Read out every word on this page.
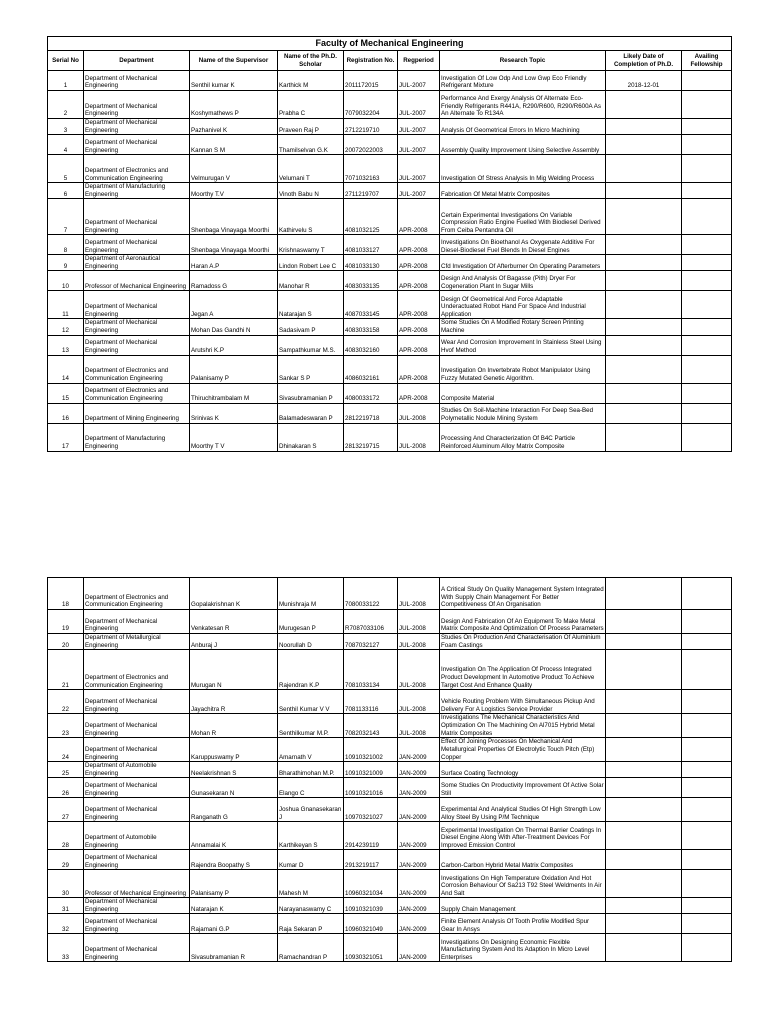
Faculty of Mechanical Engineering								
Serial No	Department	Name of the Supervisor	Name of the Ph.D. Scholar	Registration No.	Regperiod	Research Topic	Likely Date of Completion of Ph.D.	Availing Fellowship
1	Department of Mechanical Engineering	Senthil kumar K	Karthick M	2011172015	JUL-2007	Investigation Of Low Odp And Low Gwp Eco Friendly Refrigerant Mixture	2018-12-01	
2	Department of Mechanical Engineering	Koshymathews P	Prabha C	7079032204	JUL-2007	Performance And Exergy Analysis Of Alternate Eco-Friendly Refrigerants R441A, R290/R600, R290/R600A As An Alternate To R134A		
3	Department of Mechanical Engineering	Pazhanivel K	Praveen Raj P	2712219710	JUL-2007	Analysis Of Geometrical Errors In Micro Machining		
4	Department of Mechanical Engineering	Kannan S M	Thamilselvan G.K	20072022003	JUL-2007	Assembly Quality Improvement Using Selective Assembly		
5	Department of Electronics and Communication Engineering	Velmurugan V	Velumani T	7071032163	JUL-2007	Investigation Of Stress Analysis In Mig Welding Process		
6	Department of Manufacturing Engineering	Moorthy T.V	Vinoth Babu N	2711219707	JUL-2007	Fabrication Of Metal Matrix Composites		
7	Department of Mechanical Engineering	Shenbaga Vinayaga Moorthi	Kathirvelu S	4081032125	APR-2008	Certain Experimental Investigations On Variable Compression Ratio Engine Fuelled With Biodiesel Derived From Ceiba Pentandra Oil		
8	Department of Mechanical Engineering	Shenbaga Vinayaga Moorthi	Krishnaswamy T	4081033127	APR-2008	Investigations On Bioethanol As Oxygenate Additive For Diesel-Biodiesel Fuel Blends In Diesel Engines		
9	Department of Aeronautical Engineering	Haran A.P	Lindon Robert Lee C	4081033130	APR-2008	Cfd Investigation Of Afterburner On Operating Parameters		
10	Professor of Mechanical Engineering	Ramadoss G	Manohar R	4083033135	APR-2008	Design And Analysis Of Bagasse (Pith) Dryer For Cogeneration Plant In Sugar Mills		
11	Department of Mechanical Engineering	Jegan A	Natarajan S	4087033145	APR-2008	Design Of Geometrical And Force Adaptable Underactuated Robot Hand For Space And Industrial Application		
12	Department of Mechanical Engineering	Mohan Das Gandhi N	Sadasivam P	4083033158	APR-2008	Some Studies On A Modified Rotary Screen Printing Machine		
13	Department of Mechanical Engineering	Arutshri K.P	Sampathkumar M.S.	4083032160	APR-2008	Wear And Corrosion Improvement In Stainless Steel Using Hvof Method		
14	Department of Electronics and Communication Engineering	Palanisamy P	Sankar S P	4086032161	APR-2008	Investigation On Invertebrate Robot Manipulator Using Fuzzy Mutated Genetic Algorithm.		
15	Department of Electronics and Communication Engineering	Thiruchitrambalam M	Sivasubramanian P	4080033172	APR-2008	Composite Material		
16	Department of Mining Engineering	Srinivas K	Balamadeswaran P	2812219718	JUL-2008	Studies On Soil-Machine Interaction For Deep Sea-Bed Polymetallic Nodule Mining System		
17	Department of Manufacturing Engineering	Moorthy T V	Dhinakaran S	2813219715	JUL-2008	Processing And Characterization Of B4C Particle Reinforced Aluminum Alloy Matrix Composite		
18	Department of Electronics and Communication Engineering	Gopalakrishnan K	Munishraja M	7080033122	JUL-2008	A Critical Study On Quality Management System Integrated With Supply Chain Management For Better Competitiveness Of An Organisation		
19	Department of Mechanical Engineering	Venkatesan R	Murugesan P	R7087033106	JUL-2008	Design And Fabrication Of An Equipment To Make Metal Matrix Composite And Optimization Of Process Parameters		
20	Department of Metallurgical Engineering	Anburaj J	Noorullah D	7087032127	JUL-2008	Studies On Production And Characterisation Of Aluminium Foam Castings		
21	Department of Electronics and Communication Engineering	Murugan N	Rajendran K.P	7081033134	JUL-2008	Investigation On The Application Of Process Integrated Product Development In Automotive Product To Achieve Target Cost And Enhance Quality		
22	Department of Mechanical Engineering	Jayachitra R	Senthil Kumar V V	7081133116	JUL-2008	Vehicle Routing Problem With Simultaneous Pickup And Delivery For A Logistics Service Provider		
23	Department of Mechanical Engineering	Mohan R	Senthilkumar M.P.	7082032143	JUL-2008	Investigations The Mechanical Characteristics And Optimization On The Machining On Al7015 Hybrid Metal Matrix Composites		
24	Department of Mechanical Engineering	Karuppuswamy P	Amarnath V	10910321002	JAN-2009	Effect Of Joining Processes On Mechanical And Metallurgical Properties Of Electrolytic Touch Pitch (Etp) Copper		
25	Department of Automobile Engineering	Neelakrishnan S	Bharathimohan M.P.	10910321009	JAN-2009	Surface Coating Technology		
26	Department of Mechanical Engineering	Gunasekaran N	Elango C	10910321016	JAN-2009	Some Studies On Productivity Improvement Of Active Solar Still		
27	Department of Mechanical Engineering	Ranganath G	Joshua Gnanasekaran J	10970321027	JAN-2009	Experimental And Analytical Studies Of High Strength Low Alloy Steel By Using P/M Technique		
28	Department of Automobile Engineering	Annamalai K	Karthikeyan S	2914239119	JAN-2009	Experimental Investigation On Thermal Barrier Coatings In Diesel Engine Along With After-Treatment Devices For Improved Emission Control		
29	Department of Mechanical Engineering	Rajendra Boopathy S	Kumar D	2913219117	JAN-2009	Carbon-Carbon Hybrid Metal Matrix Composites		
30	Professor of Mechanical Engineering	Palanisamy P	Mahesh M	10960321034	JAN-2009	Investigations On High Temperature Oxidation And Hot Corrosion Behaviour Of Sa213 T92 Steel Weldments In Air And Salt		
31	Department of Mechanical Engineering	Natarajan K	Narayanaswamy C	10910321039	JAN-2009	Supply Chain Management		
32	Department of Mechanical Engineering	Rajamani G.P	Raja Sekaran P	10960321049	JAN-2009	Finite Element Analysis Of Tooth Profile Modified Spur Gear In Ansys		
33	Department of Mechanical Engineering	Sivasubramanian R	Ramachandran P	10930321051	JAN-2009	Investigations On Designing Economic Flexible Manufacturing System And Its Adaption In Micro Level Enterprises		
